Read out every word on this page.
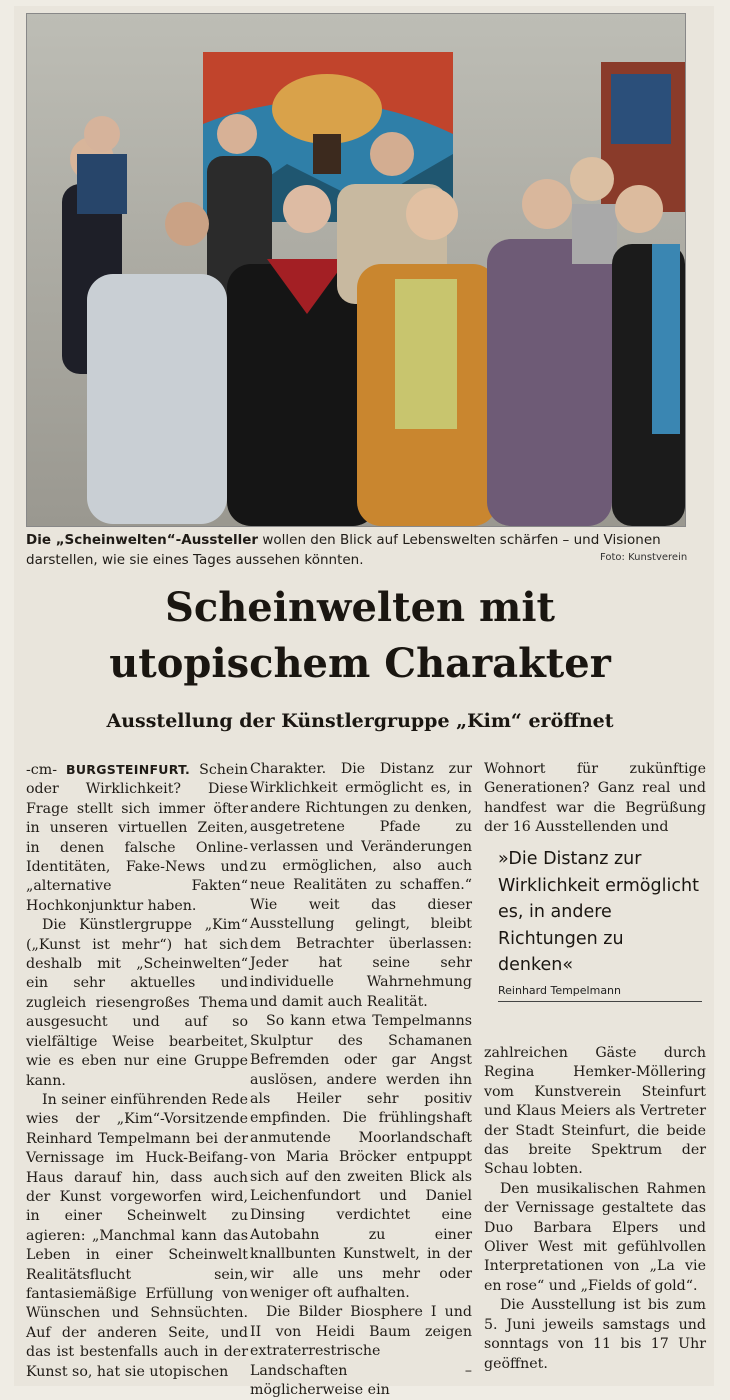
Die „Scheinwelten“-Aussteller wollen den Blick auf Lebenswelten schärfen – und Visionen darstellen, wie sie eines Tages aussehen könnten.	Foto: Kunstverein
Scheinwelten mit
utopischem Charakter
Ausstellung der Künstlergruppe „Kim“ eröffnet

-cm- BURGSTEINFURT. Schein oder Wirklichkeit? Diese Frage stellt sich immer öfter in unseren virtuellen Zeiten, in denen falsche Online-Identitäten, Fake-News und „alternative Fakten“ Hochkonjunktur haben.

Die Künstlergruppe „Kim“ („Kunst ist mehr“) hat sich deshalb mit „Scheinwelten“ ein sehr aktuelles und zugleich riesengroßes Thema ausgesucht und auf so vielfältige Weise bearbeitet, wie es eben nur eine Gruppe kann.

In seiner einführenden Rede wies der „Kim“-Vorsitzende Reinhard Tempelmann bei der Vernissage im Huck-Beifang-Haus darauf hin, dass auch der Kunst vorgeworfen wird, in einer Scheinwelt zu agieren: „Manchmal kann das Leben in einer Scheinwelt Realitätsflucht sein, fantasiemäßige Erfüllung von Wünschen und Sehnsüchten. Auf der anderen Seite, und das ist bestenfalls auch in der Kunst so, hat sie utopischen

Charakter. Die Distanz zur Wirklichkeit ermöglicht es, in andere Richtungen zu denken, ausgetretene Pfade zu verlassen und Veränderungen zu ermöglichen, also auch neue Realitäten zu schaffen.“ Wie weit das dieser Ausstellung gelingt, bleibt dem Betrachter überlassen: Jeder hat seine sehr individuelle Wahrnehmung und damit auch Realität.

So kann etwa Tempelmanns Skulptur des Schamanen Befremden oder gar Angst auslösen, andere werden ihn als Heiler sehr positiv empfinden. Die frühlingshaft anmutende Moorlandschaft von Maria Bröcker entpuppt sich auf den zweiten Blick als Leichenfundort und Daniel Dinsing verdichtet eine Autobahn zu einer knallbunten Kunstwelt, in der wir alle uns mehr oder weniger oft aufhalten.

Die Bilder Biosphere I und II von Heidi Baum zeigen extraterrestrische Landschaften – möglicherweise ein

Wohnort für zukünftige Generationen? Ganz real und handfest war die Begrüßung der 16 Ausstellenden und

»Die Distanz zur Wirklichkeit ermöglicht es, in andere Richtungen zu denken«
Reinhard Tempelmann

zahlreichen Gäste durch Regina Hemker-Möllering vom Kunstverein Steinfurt und Klaus Meiers als Vertreter der Stadt Steinfurt, die beide das breite Spektrum der Schau lobten.

Den musikalischen Rahmen der Vernissage gestaltete das Duo Barbara Elpers und Oliver West mit gefühlvollen Interpretationen von „La vie en rose“ und „Fields of gold“.

Die Ausstellung ist bis zum 5. Juni jeweils samstags und sonntags von 11 bis 17 Uhr geöffnet.
